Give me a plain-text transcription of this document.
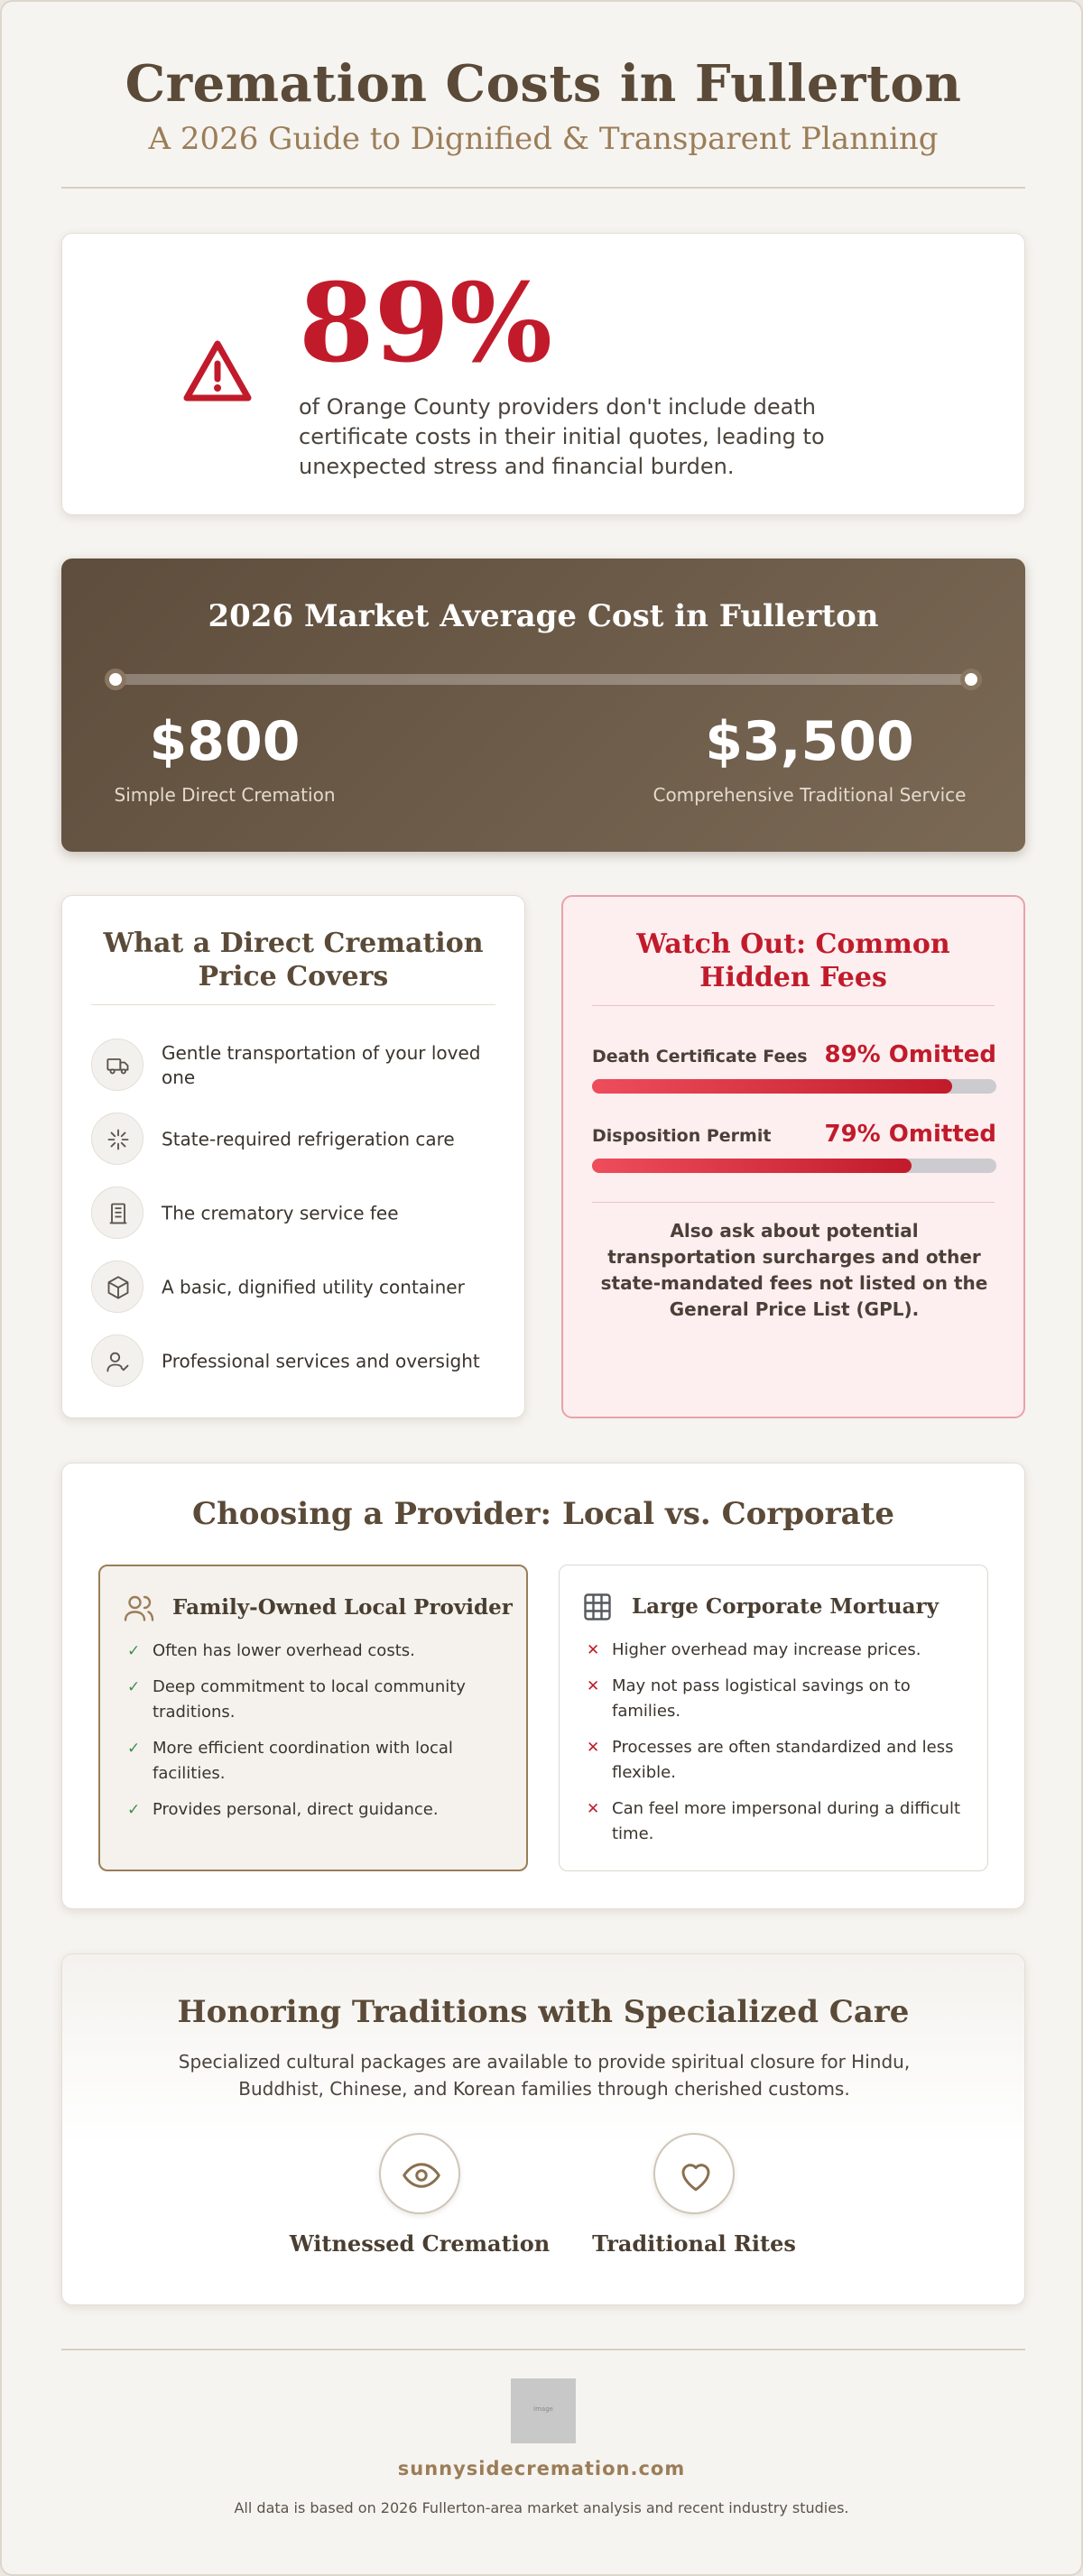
Cremation Costs in Fullerton
A 2026 Guide to Dignified & Transparent Planning
89%
of Orange County providers don't include death certificate costs in their initial quotes, leading to unexpected stress and financial burden.
2026 Market Average Cost in Fullerton
$800
Simple Direct Cremation
$3,500
Comprehensive Traditional Service
What a Direct Cremation
Price Covers
Gentle transportation of your loved one
State-required refrigeration care
The crematory service fee
A basic, dignified utility container
Professional services and oversight
Watch Out: Common
Hidden Fees
Death Certificate Fees 89% Omitted
Disposition Permit 79% Omitted
Also ask about potential transportation surcharges and other state-mandated fees not listed on the General Price List (GPL).
Choosing a Provider: Local vs. Corporate
Family-Owned Local Provider
✓ Often has lower overhead costs.
✓ Deep commitment to local community traditions.
✓ More efficient coordination with local facilities.
✓ Provides personal, direct guidance.
Large Corporate Mortuary
✕ Higher overhead may increase prices.
✕ May not pass logistical savings on to families.
✕ Processes are often standardized and less flexible.
✕ Can feel more impersonal during a difficult time.
Honoring Traditions with Specialized Care
Specialized cultural packages are available to provide spiritual closure for Hindu, Buddhist, Chinese, and Korean families through cherished customs.
Witnessed Cremation	Traditional Rites
Image
sunnysidecremation.com
All data is based on 2026 Fullerton-area market analysis and recent industry studies.
